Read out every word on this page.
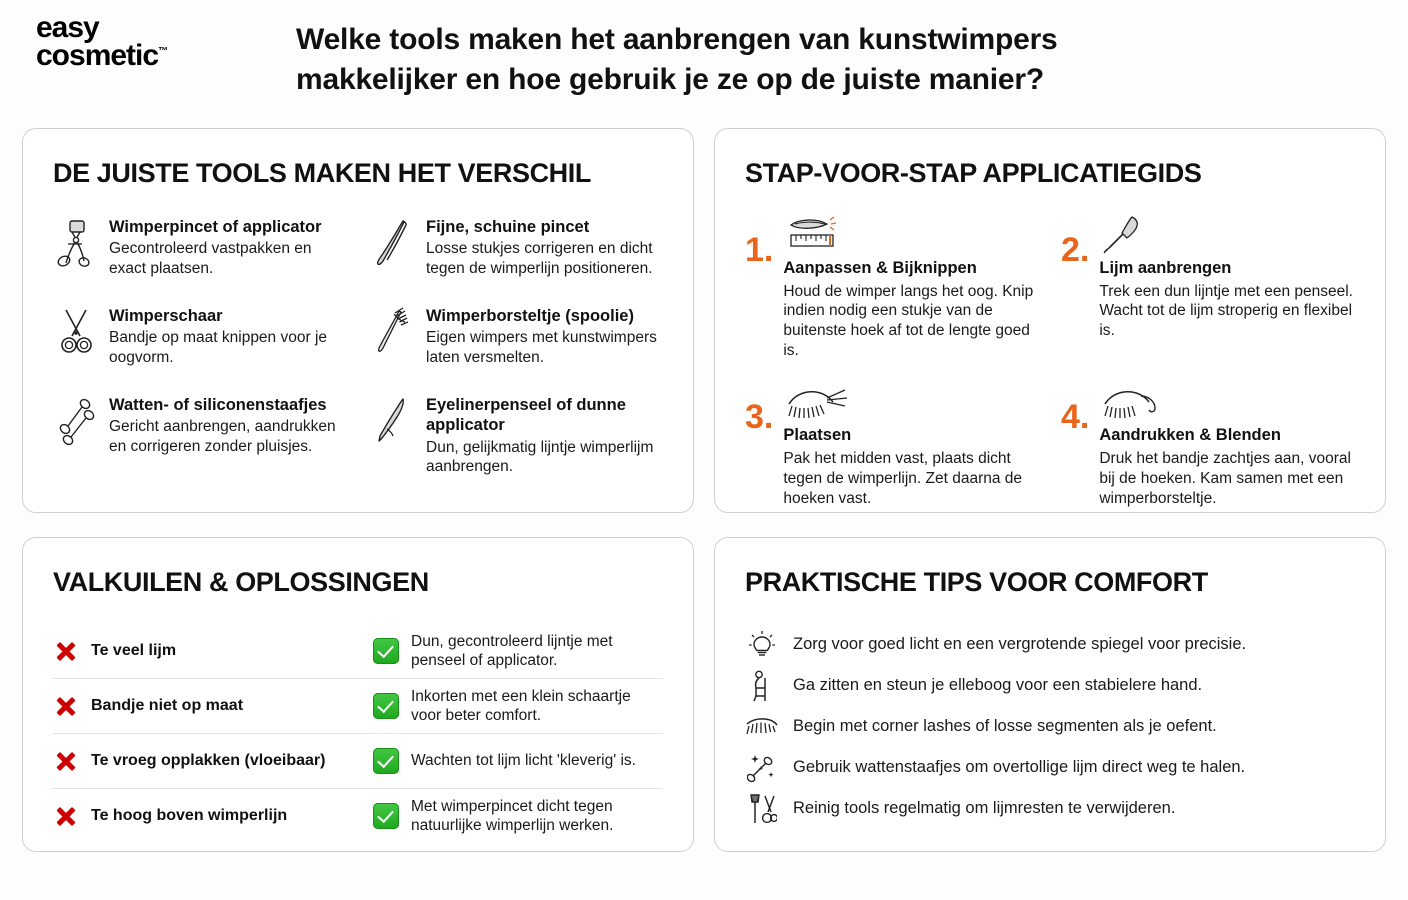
easy
cosmetic™	Welke tools maken het aanbrengen van kunstwimpers makkelijker en hoe gebruik je ze op de juiste manier?
DE JUISTE TOOLS MAKEN HET VERSCHIL
Wimperpincet of applicator
Gecontroleerd vastpakken en exact plaatsen.
Fijne, schuine pincet
Losse stukjes corrigeren en dicht tegen de wimperlijn positioneren.
Wimperschaar
Bandje op maat knippen voor je oogvorm.
Wimperborsteltje (spoolie)
Eigen wimpers met kunstwimpers laten versmelten.
Watten- of siliconenstaafjes
Gericht aanbrengen, aandrukken en corrigeren zonder pluisjes.
Eyelinerpenseel of dunne applicator
Dun, gelijkmatig lijntje wimperlijm aanbrengen.
STAP-VOOR-STAP APPLICATIEGIDS
1. Aanpassen & Bijknippen
Houd de wimper langs het oog. Knip indien nodig een stukje van de buitenste hoek af tot de lengte goed is.
2. Lijm aanbrengen
Trek een dun lijntje met een penseel. Wacht tot de lijm stroperig en flexibel is.
3. Plaatsen
Pak het midden vast, plaats dicht tegen de wimperlijn. Zet daarna de hoeken vast.
4. Aandrukken & Blenden
Druk het bandje zachtjes aan, vooral bij de hoeken. Kam samen met een wimperborsteltje.
VALKUILEN & OPLOSSINGEN
Te veel lijm
Dun, gecontroleerd lijntje met penseel of applicator.
Bandje niet op maat
Inkorten met een klein schaartje voor beter comfort.
Te vroeg opplakken (vloeibaar)	Wachten tot lijm licht 'kleverig' is.
Te hoog boven wimperlijn
Met wimperpincet dicht tegen natuurlijke wimperlijn werken.
PRAKTISCHE TIPS VOOR COMFORT
Zorg voor goed licht en een vergrotende spiegel voor precisie.
Ga zitten en steun je elleboog voor een stabielere hand.
Begin met corner lashes of losse segmenten als je oefent.
Gebruik wattenstaafjes om overtollige lijm direct weg te halen.
Reinig tools regelmatig om lijmresten te verwijderen.
